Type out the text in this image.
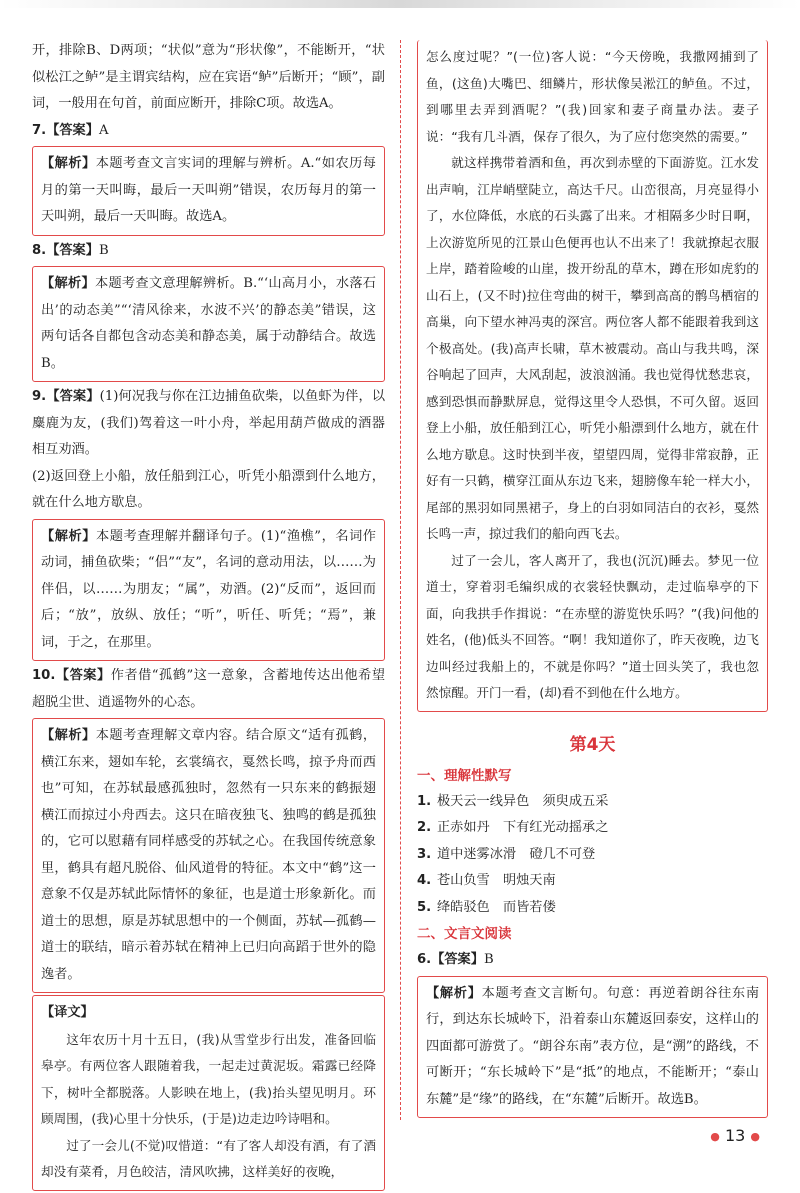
开，排除B、D两项；“状似”意为“形状像”，不能断开，“状似松江之鲈”是主谓宾结构，应在宾语“鲈”后断开；“顾”，副词，一般用在句首，前面应断开，排除C项。故选A。

7.【答案】A

【解析】本题考查文言实词的理解与辨析。A.“如农历每月的第一天叫晦，最后一天叫朔”错误，农历每月的第一天叫朔，最后一天叫晦。故选A。

8.【答案】B

【解析】本题考查文意理解辨析。B.“‘山高月小，水落石出’的动态美”“‘清风徐来，水波不兴’的静态美”错误，这两句话各自都包含动态美和静态美，属于动静结合。故选B。

9.【答案】(1)何况我与你在江边捕鱼砍柴，以鱼虾为伴，以麋鹿为友，(我们)驾着这一叶小舟，举起用葫芦做成的酒器相互劝酒。

(2)返回登上小船，放任船到江心，听凭小船漂到什么地方，就在什么地方歇息。

【解析】本题考查理解并翻译句子。(1)“渔樵”，名词作动词，捕鱼砍柴；“侣”“友”，名词的意动用法，以……为伴侣，以……为朋友；“属”，劝酒。(2)“反而”，返回而后；“放”，放纵、放任；“听”，听任、听凭；“焉”，兼词，于之，在那里。

10.【答案】作者借“孤鹤”这一意象，含蓄地传达出他希望超脱尘世、逍遥物外的心态。

【解析】本题考查理解文章内容。结合原文“适有孤鹤，横江东来，翅如车轮，玄裳缟衣，戛然长鸣，掠予舟而西也”可知，在苏轼最感孤独时，忽然有一只东来的鹤振翅横江而掠过小舟西去。这只在暗夜独飞、独鸣的鹤是孤独的，它可以慰藉有同样感受的苏轼之心。在我国传统意象里，鹤具有超凡脱俗、仙风道骨的特征。本文中“鹤”这一意象不仅是苏轼此际情怀的象征，也是道士形象新化。而道士的思想，原是苏轼思想中的一个侧面，苏轼—孤鹤—道士的联结，暗示着苏轼在精神上已归向高蹈于世外的隐逸者。

【译文】

这年农历十月十五日，(我)从雪堂步行出发，准备回临皋亭。有两位客人跟随着我，一起走过黄泥坂。霜露已经降下，树叶全都脱落。人影映在地上，(我)抬头望见明月。环顾周围，(我)心里十分快乐，(于是)边走边吟诗唱和。

过了一会儿(不觉)叹惜道：“有了客人却没有酒，有了酒却没有菜肴，月色皎洁，清风吹拂，这样美好的夜晚，

怎么度过呢？”(一位)客人说：“今天傍晚，我撒网捕到了鱼，(这鱼)大嘴巴、细鳞片，形状像吴淞江的鲈鱼。不过，到哪里去弄到酒呢？”(我)回家和妻子商量办法。妻子说：“我有几斗酒，保存了很久，为了应付您突然的需要。”

就这样携带着酒和鱼，再次到赤壁的下面游览。江水发出声响，江岸峭壁陡立，高达千尺。山峦很高，月亮显得小了，水位降低，水底的石头露了出来。才相隔多少时日啊，上次游览所见的江景山色便再也认不出来了！我就撩起衣服上岸，踏着险峻的山崖，拨开纷乱的草木，蹲在形如虎豹的山石上，(又不时)拉住弯曲的树干，攀到高高的鹘鸟栖宿的高巢，向下望水神冯夷的深宫。两位客人都不能跟着我到这个极高处。(我)高声长啸，草木被震动。高山与我共鸣，深谷响起了回声，大风刮起，波浪汹涌。我也觉得忧愁悲哀，感到恐惧而静默屏息，觉得这里令人恐惧，不可久留。返回登上小船，放任船到江心，听凭小船漂到什么地方，就在什么地方歇息。这时快到半夜，望望四周，觉得非常寂静，正好有一只鹤，横穿江面从东边飞来，翅膀像车轮一样大小，尾部的黑羽如同黑裙子，身上的白羽如同洁白的衣衫，戛然长鸣一声，掠过我们的船向西飞去。

过了一会儿，客人离开了，我也(沉沉)睡去。梦见一位道士，穿着羽毛编织成的衣裳轻快飘动，走过临皋亭的下面，向我拱手作揖说：“在赤壁的游览快乐吗？”(我)问他的姓名，(他)低头不回答。“啊！我知道你了，昨天夜晚，边飞边叫经过我船上的，不就是你吗？”道士回头笑了，我也忽然惊醒。开门一看，(却)看不到他在什么地方。

第4天

一、理解性默写

1. 极天云一线异色  须臾成五采

2. 正赤如丹  下有红光动摇承之

3. 道中迷雾冰滑  磴几不可登

4. 苍山负雪  明烛天南

5. 绛皓驳色  而皆若偻

二、文言文阅读

6.【答案】B

【解析】本题考查文言断句。句意：再逆着朗谷往东南行，到达东长城岭下，沿着泰山东麓返回泰安，这样山的四面都可游赏了。“朗谷东南”表方位，是“溯”的路线，不可断开；“东长城岭下”是“抵”的地点，不能断开；“泰山东麓”是“缘”的路线，在“东麓”后断开。故选B。

● 13 ●
